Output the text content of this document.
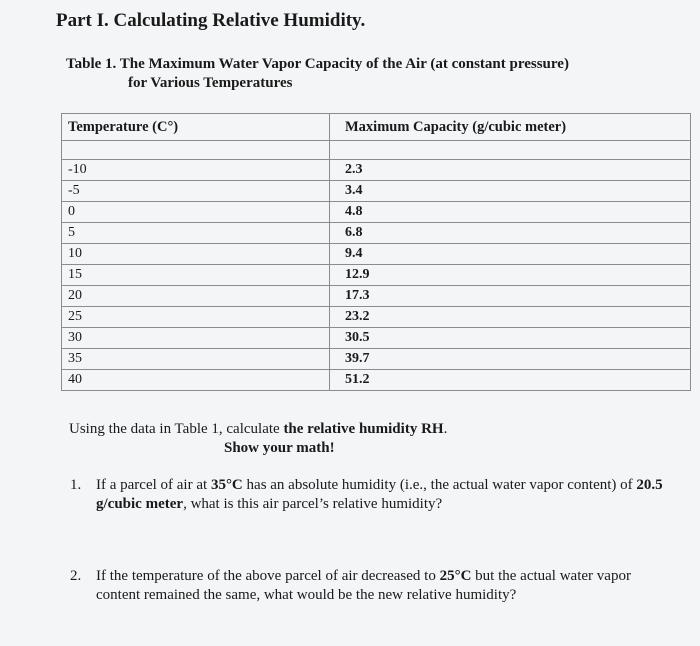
Part I. Calculating Relative Humidity.
Table 1. The Maximum Water Vapor Capacity of the Air (at constant pressure)
for Various Temperatures
Temperature (C°)	Maximum Capacity (g/cubic meter)

-10	2.3
-5	3.4
0	4.8
5	6.8
10	9.4
15	12.9
20	17.3
25	23.2
30	30.5
35	39.7
40	51.2
Using the data in Table 1, calculate the relative humidity RH.
Show your math!
1. If a parcel of air at 35°C has an absolute humidity (i.e., the actual water vapor content) of 20.5 g/cubic meter, what is this air parcel’s relative humidity?
2. If the temperature of the above parcel of air decreased to 25°C but the actual water vapor content remained the same, what would be the new relative humidity?
